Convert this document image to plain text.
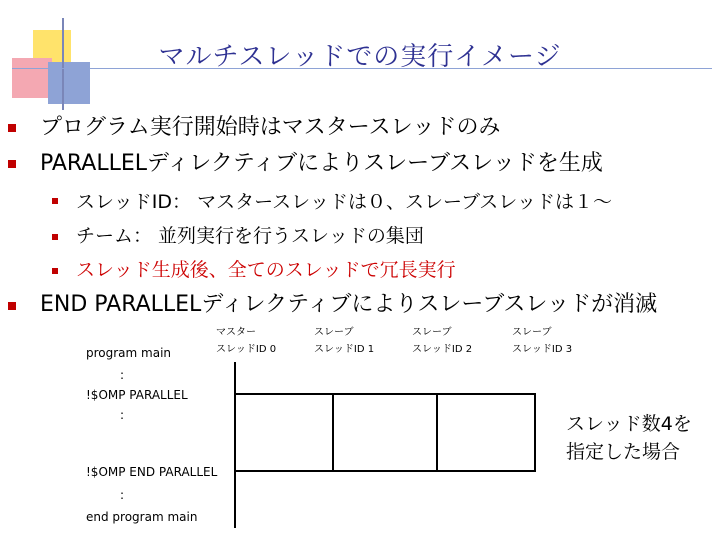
マルチスレッドでの実行イメージ
プログラム実行開始時はマスタースレッドのみ
PARALLELディレクティブによりスレーブスレッドを生成
スレッドID： マスタースレッドは０、スレーブスレッドは１～
チーム： 並列実行を行うスレッドの集団
スレッド生成後、全てのスレッドで冗長実行
END PARALLELディレクティブによりスレーブスレッドが消滅
マスター
スレッドID 0
スレーブ
スレッドID 1
スレーブ
スレッドID 2
スレーブ
スレッドID 3
program main
:
!$OMP PARALLEL
:
!$OMP END PARALLEL
:
end program main
スレッド数4を
指定した場合
